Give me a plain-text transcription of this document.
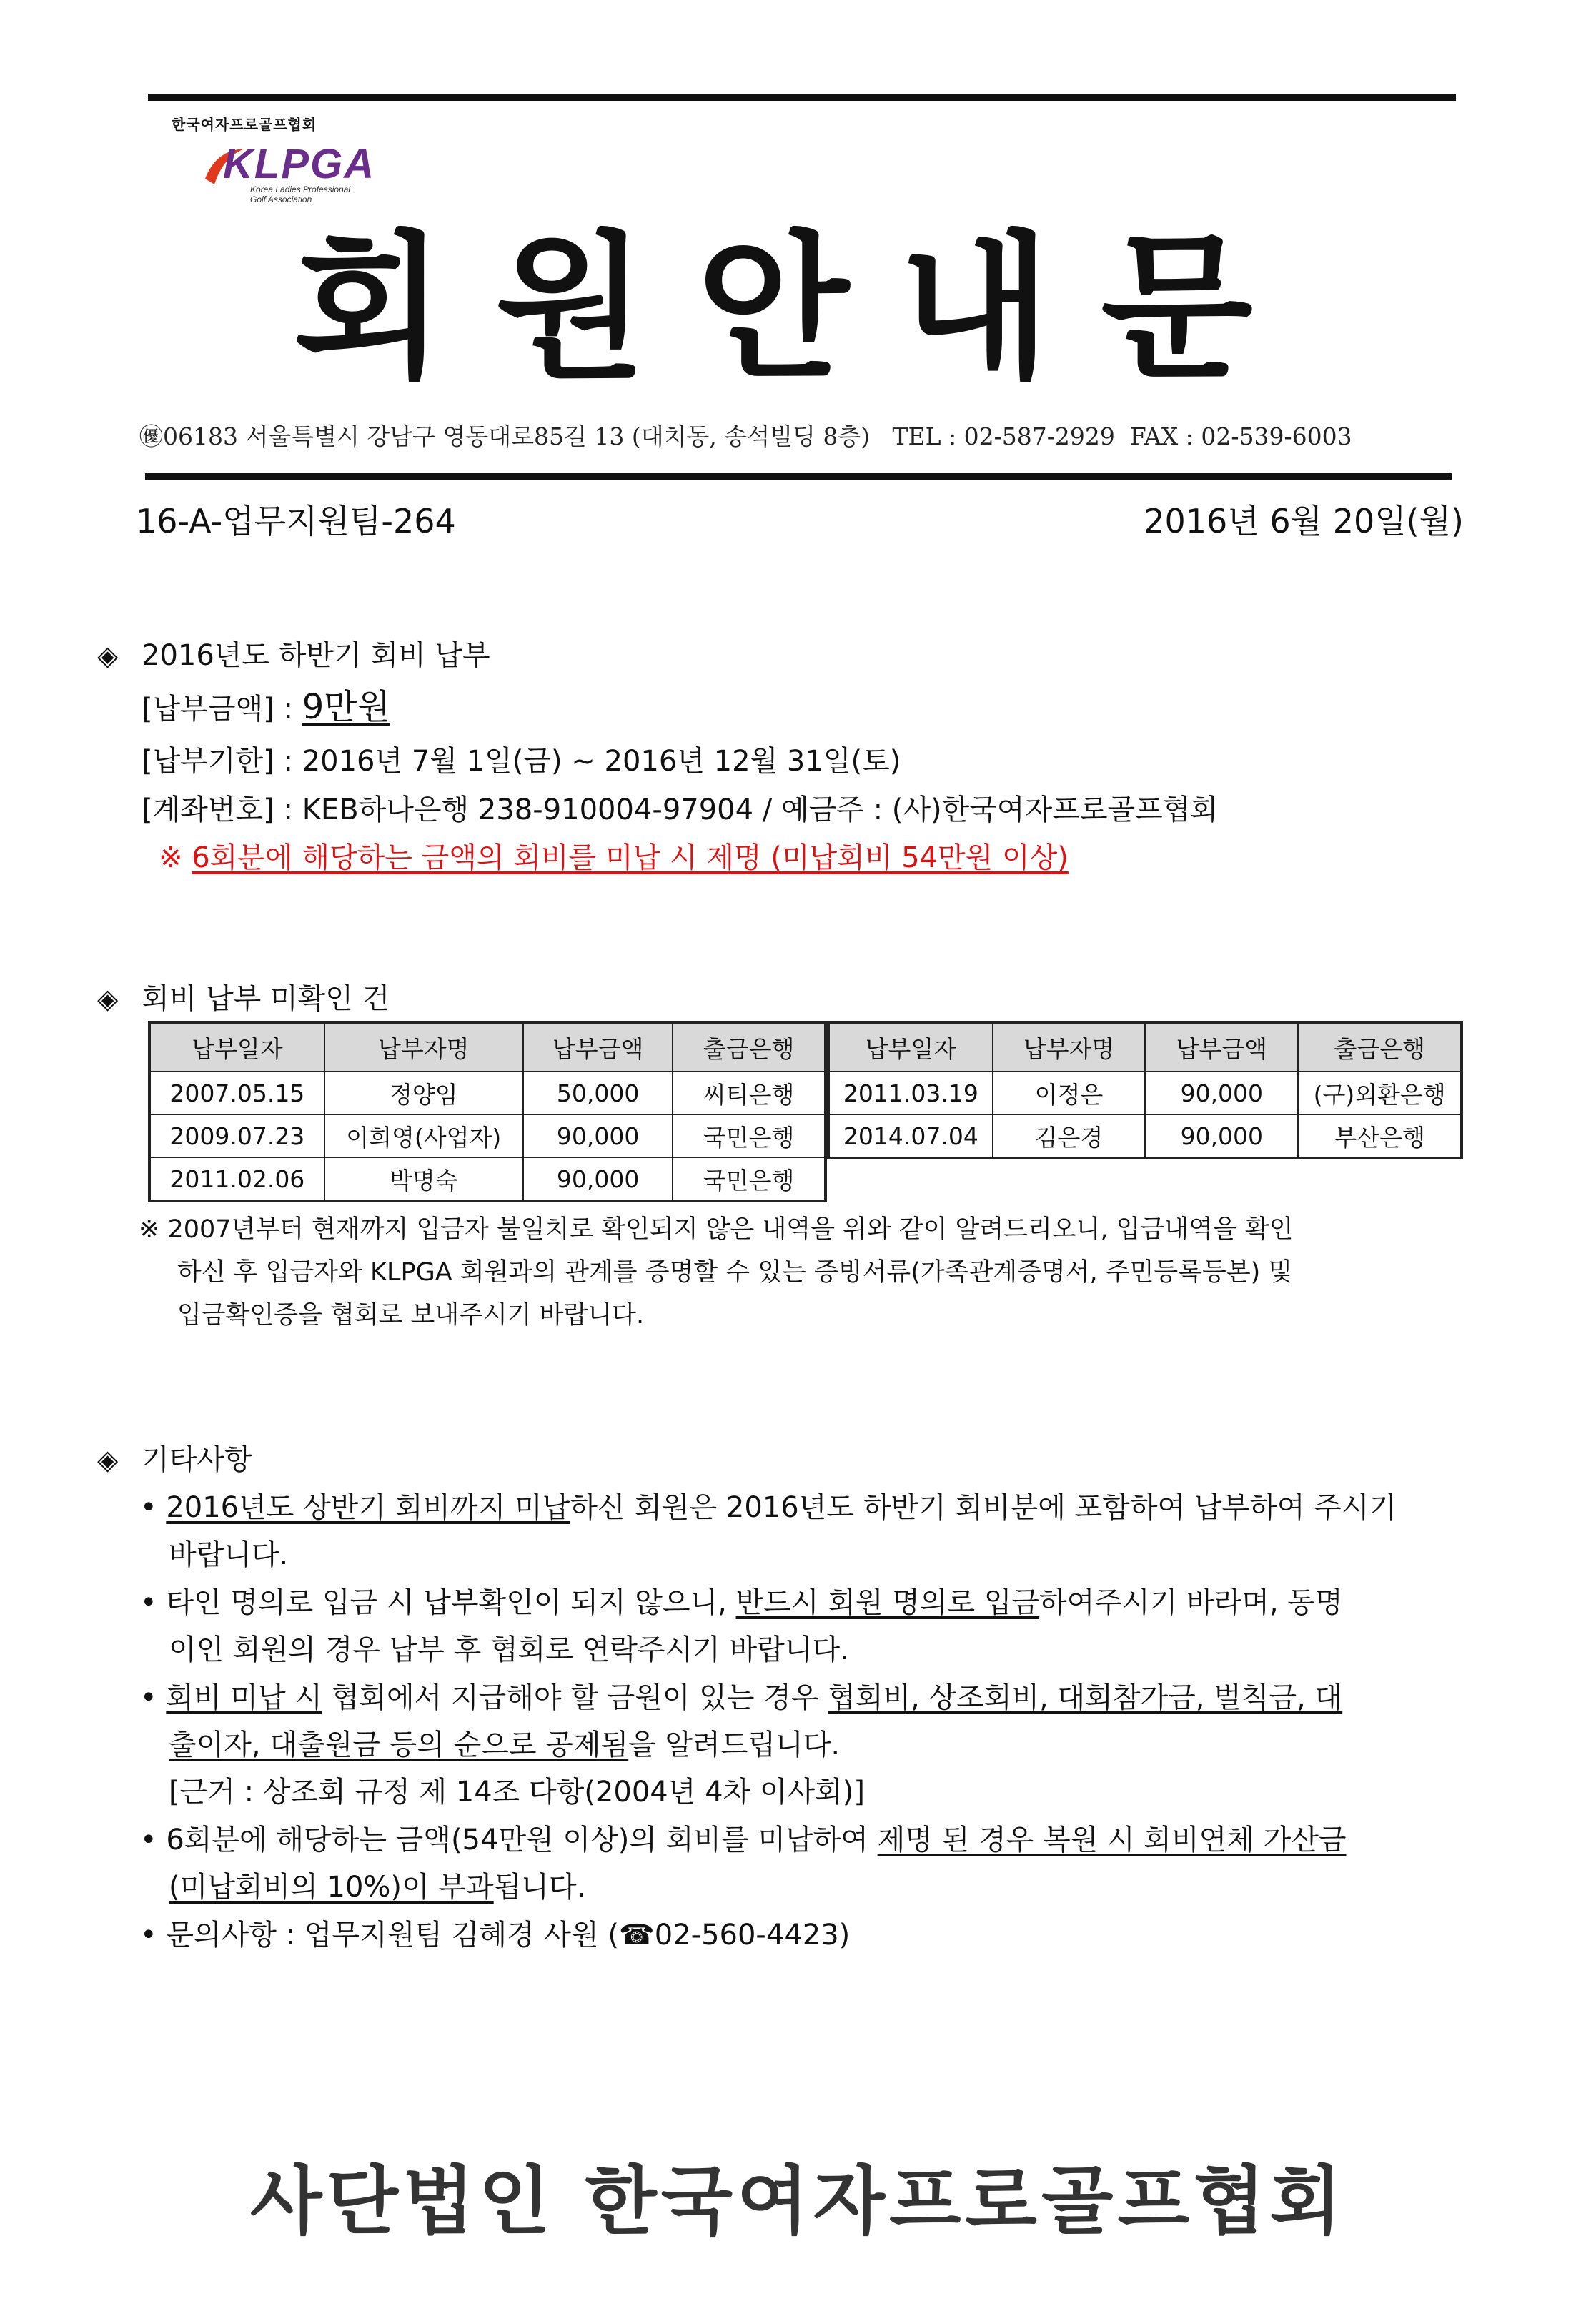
한국여자프로골프협회
KLPGA
Korea Ladies Professional
Golf Association
회원안내문
㊝06183 서울특별시 강남구 영동대로85길 13 (대치동, 송석빌딩 8층)   TEL : 02-587-2929  FAX : 02-539-6003
16-A-업무지원팀-264	2016년 6월 20일(월)
◈ 2016년도 하반기 회비 납부
[납부금액] : 9만원
[납부기한] : 2016년 7월 1일(금) ~ 2016년 12월 31일(토)
[계좌번호] : KEB하나은행 238-910004-97904 / 예금주 : (사)한국여자프로골프협회
※ 6회분에 해당하는 금액의 회비를 미납 시 제명 (미납회비 54만원 이상)
◈ 회비 납부 미확인 건
납부일자	납부자명	납부금액	출금은행
2007.05.15	정양임	50,000	씨티은행
2009.07.23	이희영(사업자)	90,000	국민은행
2011.02.06	박명숙	90,000	국민은행
납부일자	납부자명	납부금액	출금은행
2011.03.19	이정은	90,000	(구)외환은행
2014.07.04	김은경	90,000	부산은행
※ 2007년부터 현재까지 입금자 불일치로 확인되지 않은 내역을 위와 같이 알려드리오니, 입금내역을 확인
하신 후 입금자와 KLPGA 회원과의 관계를 증명할 수 있는 증빙서류(가족관계증명서, 주민등록등본) 및
입금확인증을 협회로 보내주시기 바랍니다.
◈ 기타사항
• 2016년도 상반기 회비까지 미납하신 회원은 2016년도 하반기 회비분에 포함하여 납부하여 주시기
바랍니다.
• 타인 명의로 입금 시 납부확인이 되지 않으니, 반드시 회원 명의로 입금하여주시기 바라며, 동명
이인 회원의 경우 납부 후 협회로 연락주시기 바랍니다.
• 회비 미납 시 협회에서 지급해야 할 금원이 있는 경우 협회비, 상조회비, 대회참가금, 벌칙금, 대
출이자, 대출원금 등의 순으로 공제됨을 알려드립니다.
[근거 : 상조회 규정 제 14조 다항(2004년 4차 이사회)]
• 6회분에 해당하는 금액(54만원 이상)의 회비를 미납하여 제명 된 경우 복원 시 회비연체 가산금
(미납회비의 10%)이 부과됩니다.
• 문의사항 : 업무지원팀 김혜경 사원 (☎02-560-4423)
사단법인 한국여자프로골프협회
